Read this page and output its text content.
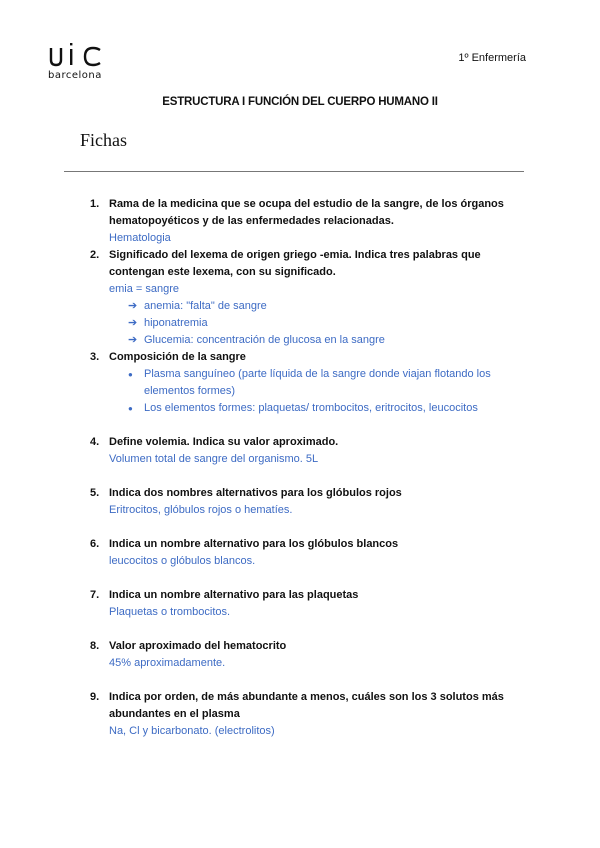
barcelona
1º Enfermería
ESTRUCTURA I FUNCIÓN DEL CUERPO HUMANO II
Fichas
1. Rama de la medicina que se ocupa del estudio de la sangre, de los órganos hematopoyéticos y de las enfermedades relacionadas.
Hematologia
2. Significado del lexema de origen griego -emia. Indica tres palabras que contengan este lexema, con su significado.
emia = sangre
➔ anemia: "falta" de sangre
➔ hiponatremia
➔ Glucemia: concentración de glucosa en la sangre
3. Composición de la sangre
●	Plasma sanguíneo (parte líquida de la sangre donde viajan flotando los elementos formes)
●	Los elementos formes: plaquetas/ trombocitos, eritrocitos, leucocitos
4. Define volemia. Indica su valor aproximado.
Volumen total de sangre del organismo. 5L
5. Indica dos nombres alternativos para los glóbulos rojos
Eritrocitos, glóbulos rojos o hematíes.
6. Indica un nombre alternativo para los glóbulos blancos
leucocitos o glóbulos blancos.
7. Indica un nombre alternativo para las plaquetas
Plaquetas o trombocitos.
8. Valor aproximado del hematocrito
45% aproximadamente.
9. Indica por orden, de más abundante a menos, cuáles son los 3 solutos más abundantes en el plasma
Na, Cl y bicarbonato. (electrolitos)
